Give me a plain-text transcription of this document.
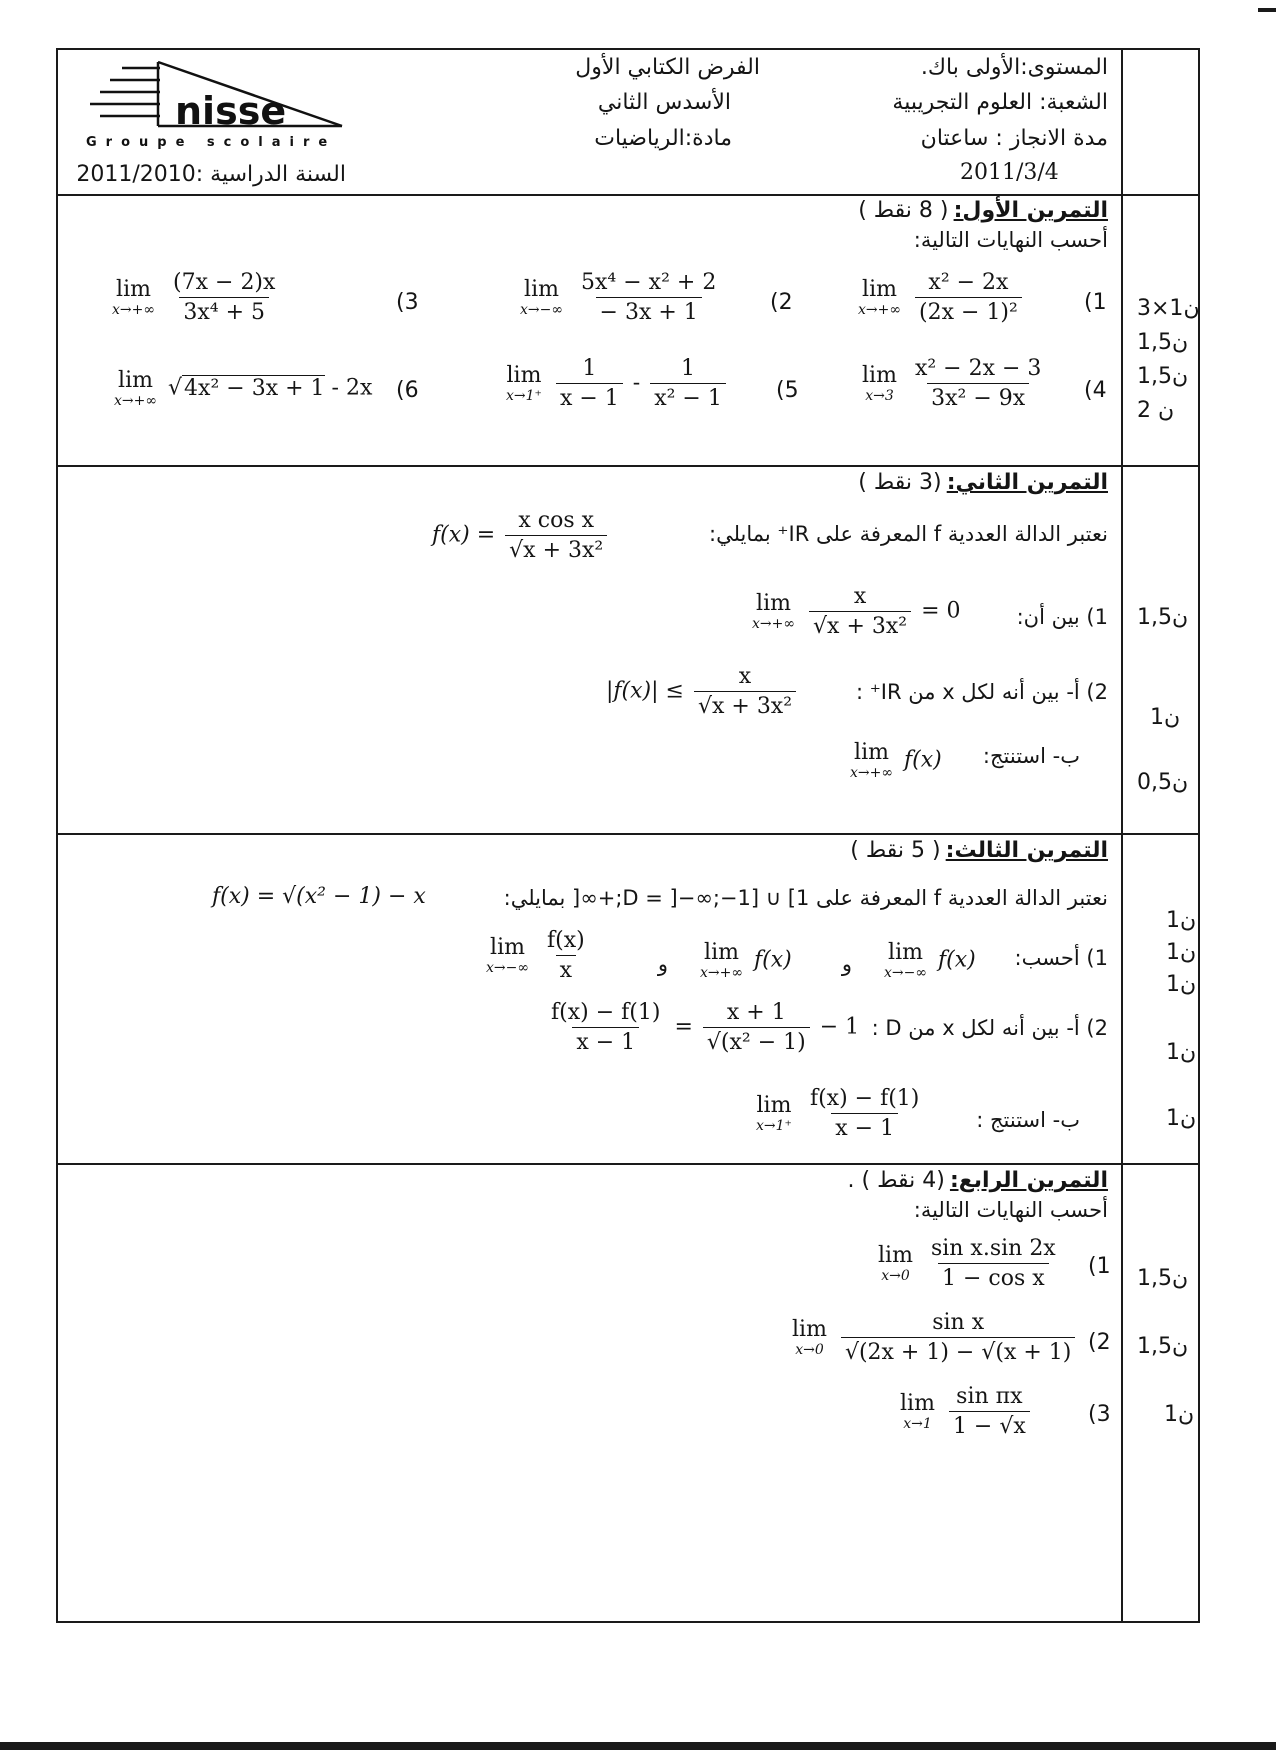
المستوى:الأولى باك.
الشعبة: العلوم التجريبية
مدة الانجاز : ساعتان
2011/3/4
الفرض الكتابي الأول
الأسدس الثاني
مادة:الرياضيات
السنة الدراسية :2011/2010
nisse
Groupe scolaire
التمرين الأول: ( 8 نقط )
أحسب النهايات التالية:
lim
x→+∞
$\frac{\text{x² − 2x}}{\text{(2x − 1)²}}$	(1
lim
x→−∞
$\frac{\text{5x⁴ − x² + 2}}{- 3x + 1} (2$
lim
x→+∞
$\frac{(7x - 2)x}{\text{3x⁴ + 5}}$	(3
lim
x→3
$\frac{\text{x² − 2x − 3}}{\text{3x² − 9x}} (4$
lim
x→1⁺
$\frac{1}{x - 1} - \frac{1}{\text{x² − 1}} (5$
lim
x→+∞
√4x² − 3x + 1 - 2x (6
3×1ن
1,5ن
1,5ن
2 ن
التمرين الثاني: (3 نقط )
نعتبر الدالة العددية f المعرفة على IR⁺ بمايلي:
$f(x) = \frac{\text{x cos x}}{\text{√x + 3x²}}$
1) بين أن:
lim
x→+∞
$\frac{x}{\text{√x + 3x²}} = 0$
2) أ- بين أنه لكل x من IR⁺ :
$|f(x)| \le \frac{x}{\text{√x + 3x²}}$
ب- استنتج:
lim
x→+∞
f(x)
1,5ن
1ن
0,5ن
التمرين الثالث: ( 5 نقط )
نعتبر الدالة العددية f المعرفة على D = ]−∞;−1] ∪ [1;+∞[ بمايلي:
f(x) = √(x² − 1) − x
1) أحسب:
lim
x→−∞
f(x)
و
lim
x→+∞
f(x)
و
lim
x→−∞
$\frac{f(x)}{x}$
2) أ- بين أنه لكل x من D :
$\frac{f(x) - f(1)}{x - 1} = \frac{x + 1}{\text{√(x² − 1)}} - 1$
ب- استنتج :
lim
x→1⁺
$\frac{f(x) - f(1)}{x - 1}$
1ن
1ن
1ن
1ن
1ن
التمرين الرابع: (4 نقط ) .
أحسب النهايات التالية:
lim
x→0
$\frac{\text{sin x.sin 2x}}{\text{1 − cos x}} (1$
lim
x→0
$\frac{\text{sin x}}{√(2x + 1) - √(x + 1)} (2$
lim
x→1
$\frac{\text{sin πx}}{1 - √x}$	(3
1,5ن
1,5ن
1ن
